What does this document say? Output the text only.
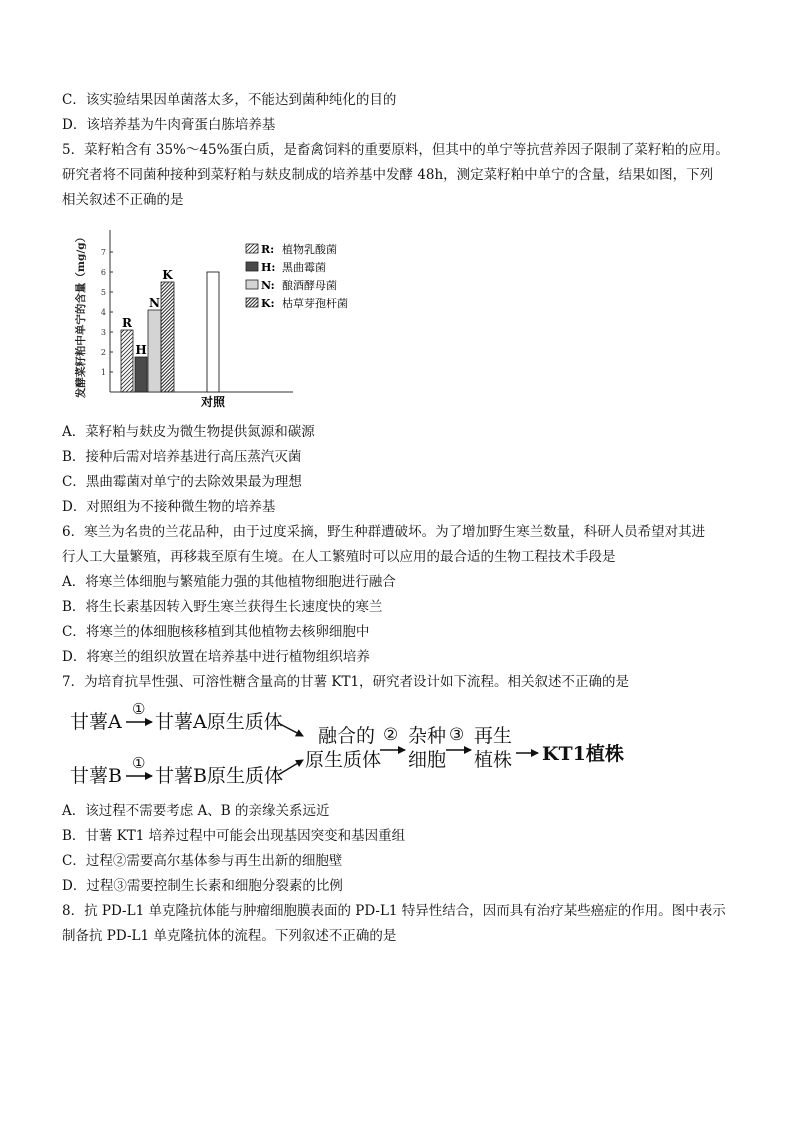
C．该实验结果因单菌落太多，不能达到菌种纯化的目的
D．该培养基为牛肉膏蛋白胨培养基
5．菜籽粕含有 35%～45%蛋白质，是畜禽饲料的重要原料，但其中的单宁等抗营养因子限制了菜籽粕的应用。
研究者将不同菌种接种到菜籽粕与麸皮制成的培养基中发酵 48h，测定菜籽粕中单宁的含量，结果如图，下列
相关叙述不正确的是
发酵菜籽粕中单宁的含量（mg/g） 1
2
3
4
5
6
7
R
H
N
K
对照
R: 植物乳酸菌
H: 黑曲霉菌
N: 酿酒酵母菌
K: 枯草芽孢杆菌
A．菜籽粕与麸皮为微生物提供氮源和碳源
B．接种后需对培养基进行高压蒸汽灭菌
C．黑曲霉菌对单宁的去除效果最为理想
D．对照组为不接种微生物的培养基
6．寒兰为名贵的兰花品种，由于过度采摘，野生种群遭破坏。为了增加野生寒兰数量，科研人员希望对其进
行人工大量繁殖，再移栽至原有生境。在人工繁殖时可以应用的最合适的生物工程技术手段是
A．将寒兰体细胞与繁殖能力强的其他植物细胞进行融合
B．将生长素基因转入野生寒兰获得生长速度快的寒兰
C．将寒兰的体细胞核移植到其他植物去核卵细胞中
D．将寒兰的组织放置在培养基中进行植物组织培养
7．为培育抗旱性强、可溶性糖含量高的甘薯 KT1，研究者设计如下流程。相关叙述不正确的是
甘薯A
①
甘薯A原生质体
甘薯B
①
甘薯B原生质体
融合的
原生质体
② 杂种
细胞
③ 再生
植株 KT1植株
A．该过程不需要考虑 A、B 的亲缘关系远近
B．甘薯 KT1 培养过程中可能会出现基因突变和基因重组
C．过程②需要高尔基体参与再生出新的细胞壁
D．过程③需要控制生长素和细胞分裂素的比例
8．抗 PD-L1 单克隆抗体能与肿瘤细胞膜表面的 PD-L1 特异性结合，因而具有治疗某些癌症的作用。图中表示
制备抗 PD-L1 单克隆抗体的流程。下列叙述不正确的是
